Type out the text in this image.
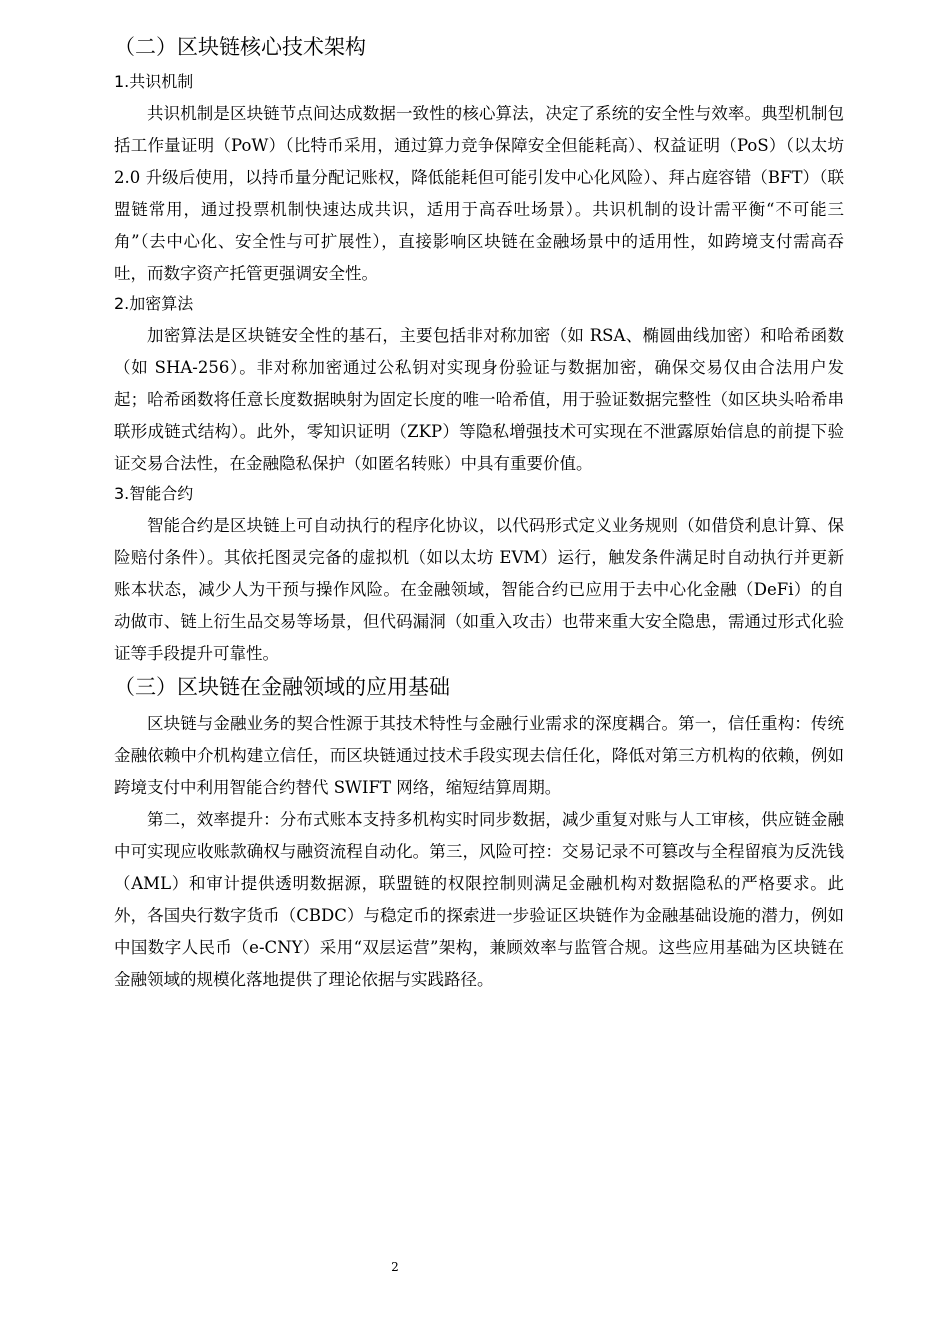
（二）区块链核心技术架构
1.共识机制

共识机制是区块链节点间达成数据一致性的核心算法，决定了系统的安全性与效率。典型机制包括工作量证明（PoW）（比特币采用，通过算力竞争保障安全但能耗高）、权益证明（PoS）（以太坊 2.0 升级后使用，以持币量分配记账权，降低能耗但可能引发中心化风险）、拜占庭容错（BFT）（联盟链常用，通过投票机制快速达成共识，适用于高吞吐场景）。共识机制的设计需平衡“不可能三角”（去中心化、安全性与可扩展性），直接影响区块链在金融场景中的适用性，如跨境支付需高吞吐，而数字资产托管更强调安全性。

2.加密算法

加密算法是区块链安全性的基石，主要包括非对称加密（如 RSA、椭圆曲线加密）和哈希函数（如 SHA-256）。非对称加密通过公私钥对实现身份验证与数据加密，确保交易仅由合法用户发起；哈希函数将任意长度数据映射为固定长度的唯一哈希值，用于验证数据完整性（如区块头哈希串联形成链式结构）。此外，零知识证明（ZKP）等隐私增强技术可实现在不泄露原始信息的前提下验证交易合法性，在金融隐私保护（如匿名转账）中具有重要价值。

3.智能合约

智能合约是区块链上可自动执行的程序化协议，以代码形式定义业务规则（如借贷利息计算、保险赔付条件）。其依托图灵完备的虚拟机（如以太坊 EVM）运行，触发条件满足时自动执行并更新账本状态，减少人为干预与操作风险。在金融领域，智能合约已应用于去中心化金融（DeFi）的自动做市、链上衍生品交易等场景，但代码漏洞（如重入攻击）也带来重大安全隐患，需通过形式化验证等手段提升可靠性。

（三）区块链在金融领域的应用基础

区块链与金融业务的契合性源于其技术特性与金融行业需求的深度耦合。第一，信任重构：传统金融依赖中介机构建立信任，而区块链通过技术手段实现去信任化，降低对第三方机构的依赖，例如跨境支付中利用智能合约替代 SWIFT 网络，缩短结算周期。

第二，效率提升：分布式账本支持多机构实时同步数据，减少重复对账与人工审核，供应链金融中可实现应收账款确权与融资流程自动化。第三，风险可控：交易记录不可篡改与全程留痕为反洗钱（AML）和审计提供透明数据源，联盟链的权限控制则满足金融机构对数据隐私的严格要求。此外，各国央行数字货币（CBDC）与稳定币的探索进一步验证区块链作为金融基础设施的潜力，例如中国数字人民币（e-CNY）采用“双层运营”架构，兼顾效率与监管合规。这些应用基础为区块链在金融领域的规模化落地提供了理论依据与实践路径。

2
